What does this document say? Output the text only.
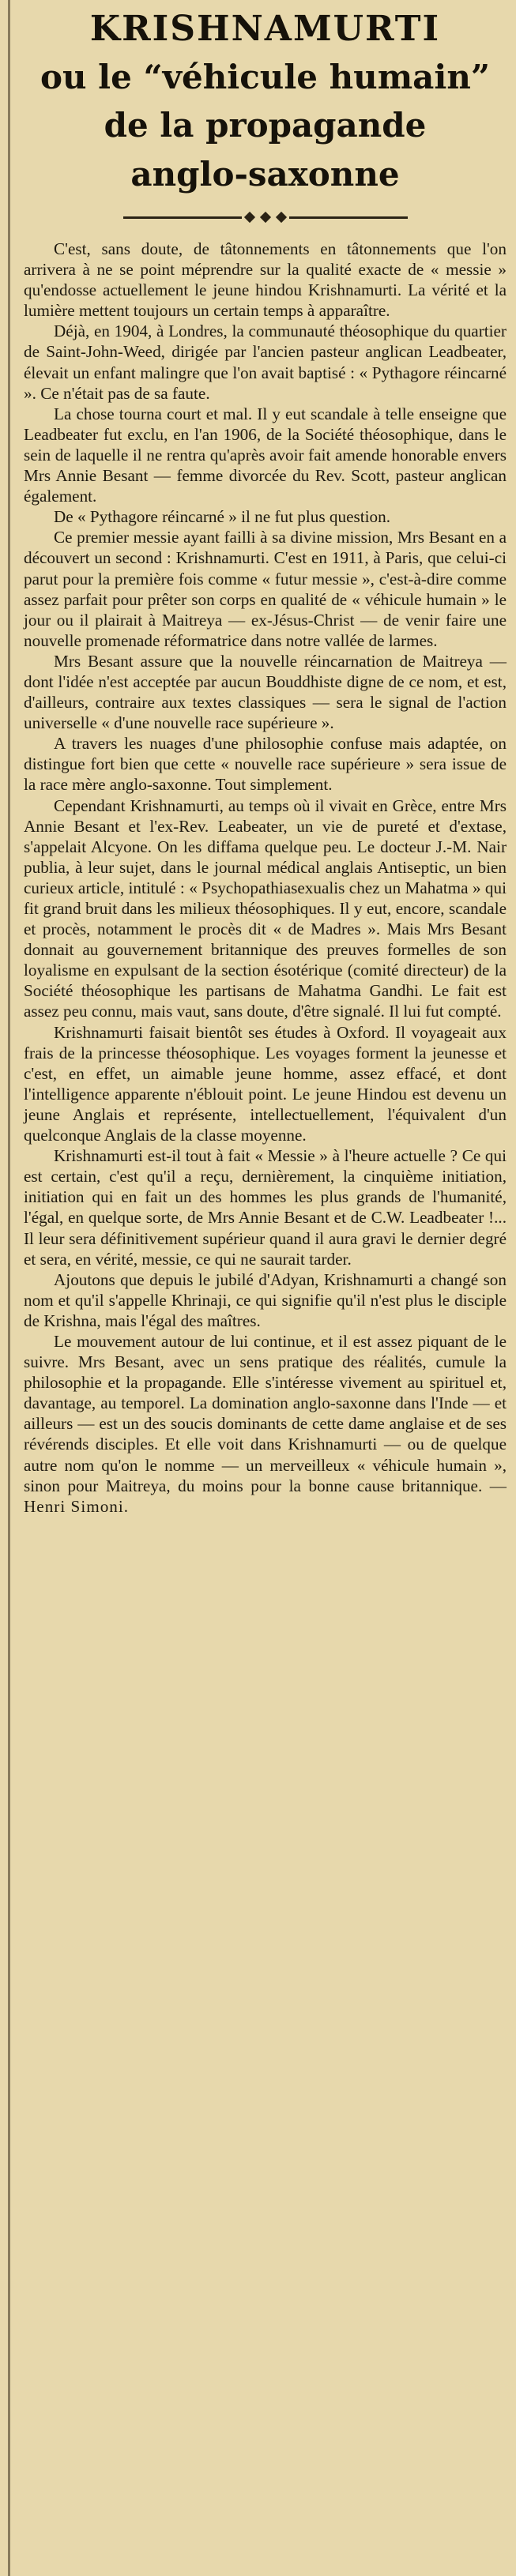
KRISHNAMURTI
ou le “véhicule humain”
de la propagande
anglo-saxonne

C'est, sans doute, de tâtonnements en tâtonnements que l'on arrivera à ne se point méprendre sur la qualité exacte de « messie » qu'endosse actuellement le jeune hindou Krishnamurti. La vérité et la lumière mettent toujours un certain temps à apparaître.

Déjà, en 1904, à Londres, la communauté théosophique du quartier de Saint-John-Weed, dirigée par l'ancien pasteur anglican Leadbeater, élevait un enfant malingre que l'on avait baptisé : « Pythagore réincarné ». Ce n'était pas de sa faute.

La chose tourna court et mal. Il y eut scandale à telle enseigne que Leadbeater fut exclu, en l'an 1906, de la Société théosophique, dans le sein de laquelle il ne rentra qu'après avoir fait amende honorable envers Mrs Annie Besant — femme divorcée du Rev. Scott, pasteur anglican également.

De « Pythagore réincarné » il ne fut plus question.

Ce premier messie ayant failli à sa divine mission, Mrs Besant en a découvert un second : Krishnamurti. C'est en 1911, à Paris, que celui-ci parut pour la première fois comme « futur messie », c'est-à-dire comme assez parfait pour prêter son corps en qualité de « véhicule humain » le jour ou il plairait à Maitreya — ex-Jésus-Christ — de venir faire une nouvelle promenade réformatrice dans notre vallée de larmes.

Mrs Besant assure que la nouvelle réincarnation de Maitreya — dont l'idée n'est acceptée par aucun Bouddhiste digne de ce nom, et est, d'ailleurs, contraire aux textes classiques — sera le signal de l'action universelle « d'une nouvelle race supérieure ».

A travers les nuages d'une philosophie confuse mais adaptée, on distingue fort bien que cette « nouvelle race supérieure » sera issue de la race mère anglo-saxonne. Tout simplement.

Cependant Krishnamurti, au temps où il vivait en Grèce, entre Mrs Annie Besant et l'ex-Rev. Leabeater, un vie de pureté et d'extase, s'appelait Alcyone. On les diffama quelque peu. Le docteur J.-M. Nair publia, à leur sujet, dans le journal médical anglais Antiseptic, un bien curieux article, intitulé : « Psychopathiasexualis chez un Mahatma » qui fit grand bruit dans les milieux théosophiques. Il y eut, encore, scandale et procès, notamment le procès dit « de Madres ». Mais Mrs Besant donnait au gouvernement britannique des preuves formelles de son loyalisme en expulsant de la section ésotérique (comité directeur) de la Société théosophique les partisans de Mahatma Gandhi. Le fait est assez peu connu, mais vaut, sans doute, d'être signalé. Il lui fut compté.

Krishnamurti faisait bientôt ses études à Oxford. Il voyageait aux frais de la princesse théosophique. Les voyages forment la jeunesse et c'est, en effet, un aimable jeune homme, assez effacé, et dont l'intelligence apparente n'éblouit point. Le jeune Hindou est devenu un jeune Anglais et représente, intellectuellement, l'équivalent d'un quelconque Anglais de la classe moyenne.

Krishnamurti est-il tout à fait « Messie » à l'heure actuelle ? Ce qui est certain, c'est qu'il a reçu, dernièrement, la cinquième initiation, initiation qui en fait un des hommes les plus grands de l'humanité, l'égal, en quelque sorte, de Mrs Annie Besant et de C.W. Leadbeater !... Il leur sera définitivement supérieur quand il aura gravi le dernier degré et sera, en vérité, messie, ce qui ne saurait tarder.

Ajoutons que depuis le jubilé d'Adyan, Krishnamurti a changé son nom et qu'il s'appelle Khrinaji, ce qui signifie qu'il n'est plus le disciple de Krishna, mais l'égal des maîtres.

Le mouvement autour de lui continue, et il est assez piquant de le suivre. Mrs Besant, avec un sens pratique des réalités, cumule la philosophie et la propagande. Elle s'intéresse vivement au spirituel et, davantage, au temporel. La domination anglo-saxonne dans l'Inde — et ailleurs — est un des soucis dominants de cette dame anglaise et de ses révérends disciples. Et elle voit dans Krishnamurti — ou de quelque autre nom qu'on le nomme — un merveilleux « véhicule humain », sinon pour Maitreya, du moins pour la bonne cause britannique. — Henri Simoni.
